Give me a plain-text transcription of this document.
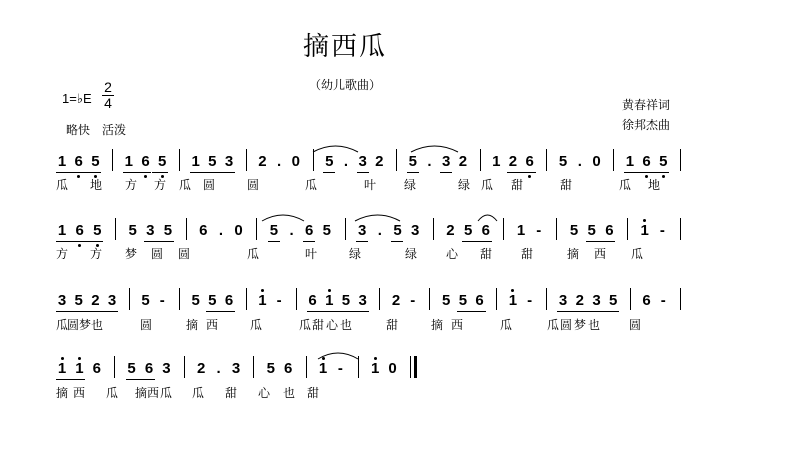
摘西瓜
（幼儿歌曲）
1=♭E $\frac{2}{4}$
略快　活泼
黄春祥词
徐邦杰曲
1 6 5 1 6 5 1 5 3 2 . 0 5 . 3 2 5 . 3 2 1 2 6 5 . 0 1 6 5
瓜 地 方 方 瓜 圆	圆	瓜	叶 绿	绿 瓜 甜	甜	瓜 地
1 6 5 5 3 5 6 . 0 5 . 6 5 3 . 5 3 2 5 6 1 - 5 5 6 1 -
方 方 梦 圆 圆	瓜	叶	绿	绿 心 甜 甜	摘 西 瓜
3 5 2 3 5 - 5 5 6 1 - 6 1 5 3 2 - 5 5 6 1 - 3 2 3 5 6 -
瓜
圆 梦 也	圆	摘 西	瓜	瓜 甜 心 也	甜	摘 西	瓜	瓜 圆 梦 也 圆
1 1 6 5 6 3 2 . 3 5 6 1 - 1 0
摘 西 瓜 摘 西 瓜 瓜 甜 心 也 甜
